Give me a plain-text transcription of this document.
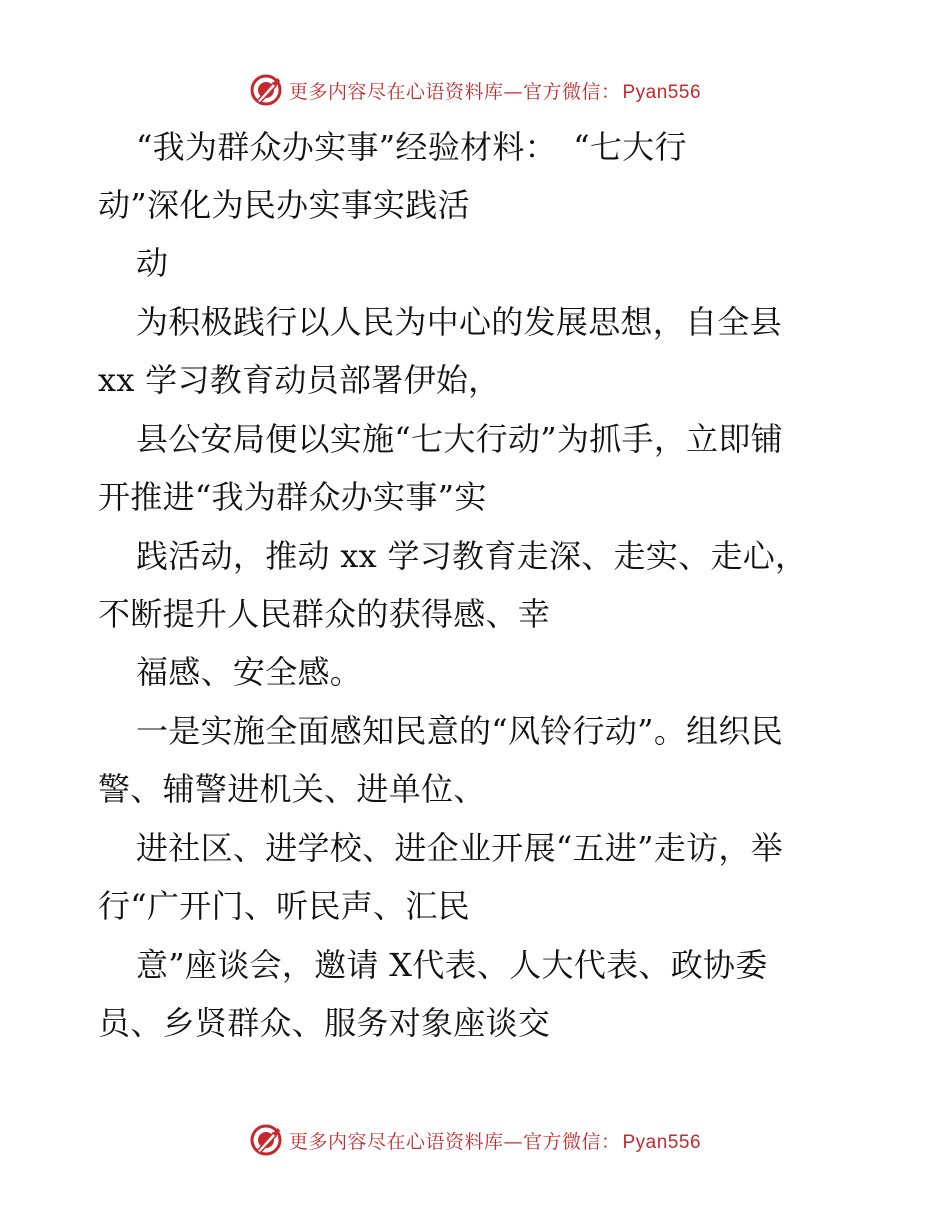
更多内容尽在心语资料库—官方微信： Pyan556
“我为群众办实事”经验材料：　“七大行
动”深化为民办实事实践活
动
为积极践行以人民为中心的发展思想，自全县
xx 学习教育动员部署伊始，
县公安局便以实施“七大行动”为抓手，立即铺
开推进“我为群众办实事”实
践活动，推动 xx 学习教育走深、走实、走心，
不断提升人民群众的获得感、幸
福感、安全感。
一是实施全面感知民意的“风铃行动”。组织民
警、辅警进机关、进单位、
进社区、进学校、进企业开展“五进”走访，举
行“广开门、听民声、汇民
意”座谈会，邀请 X代表、人大代表、政协委
员、乡贤群众、服务对象座谈交
更多内容尽在心语资料库—官方微信： Pyan556
